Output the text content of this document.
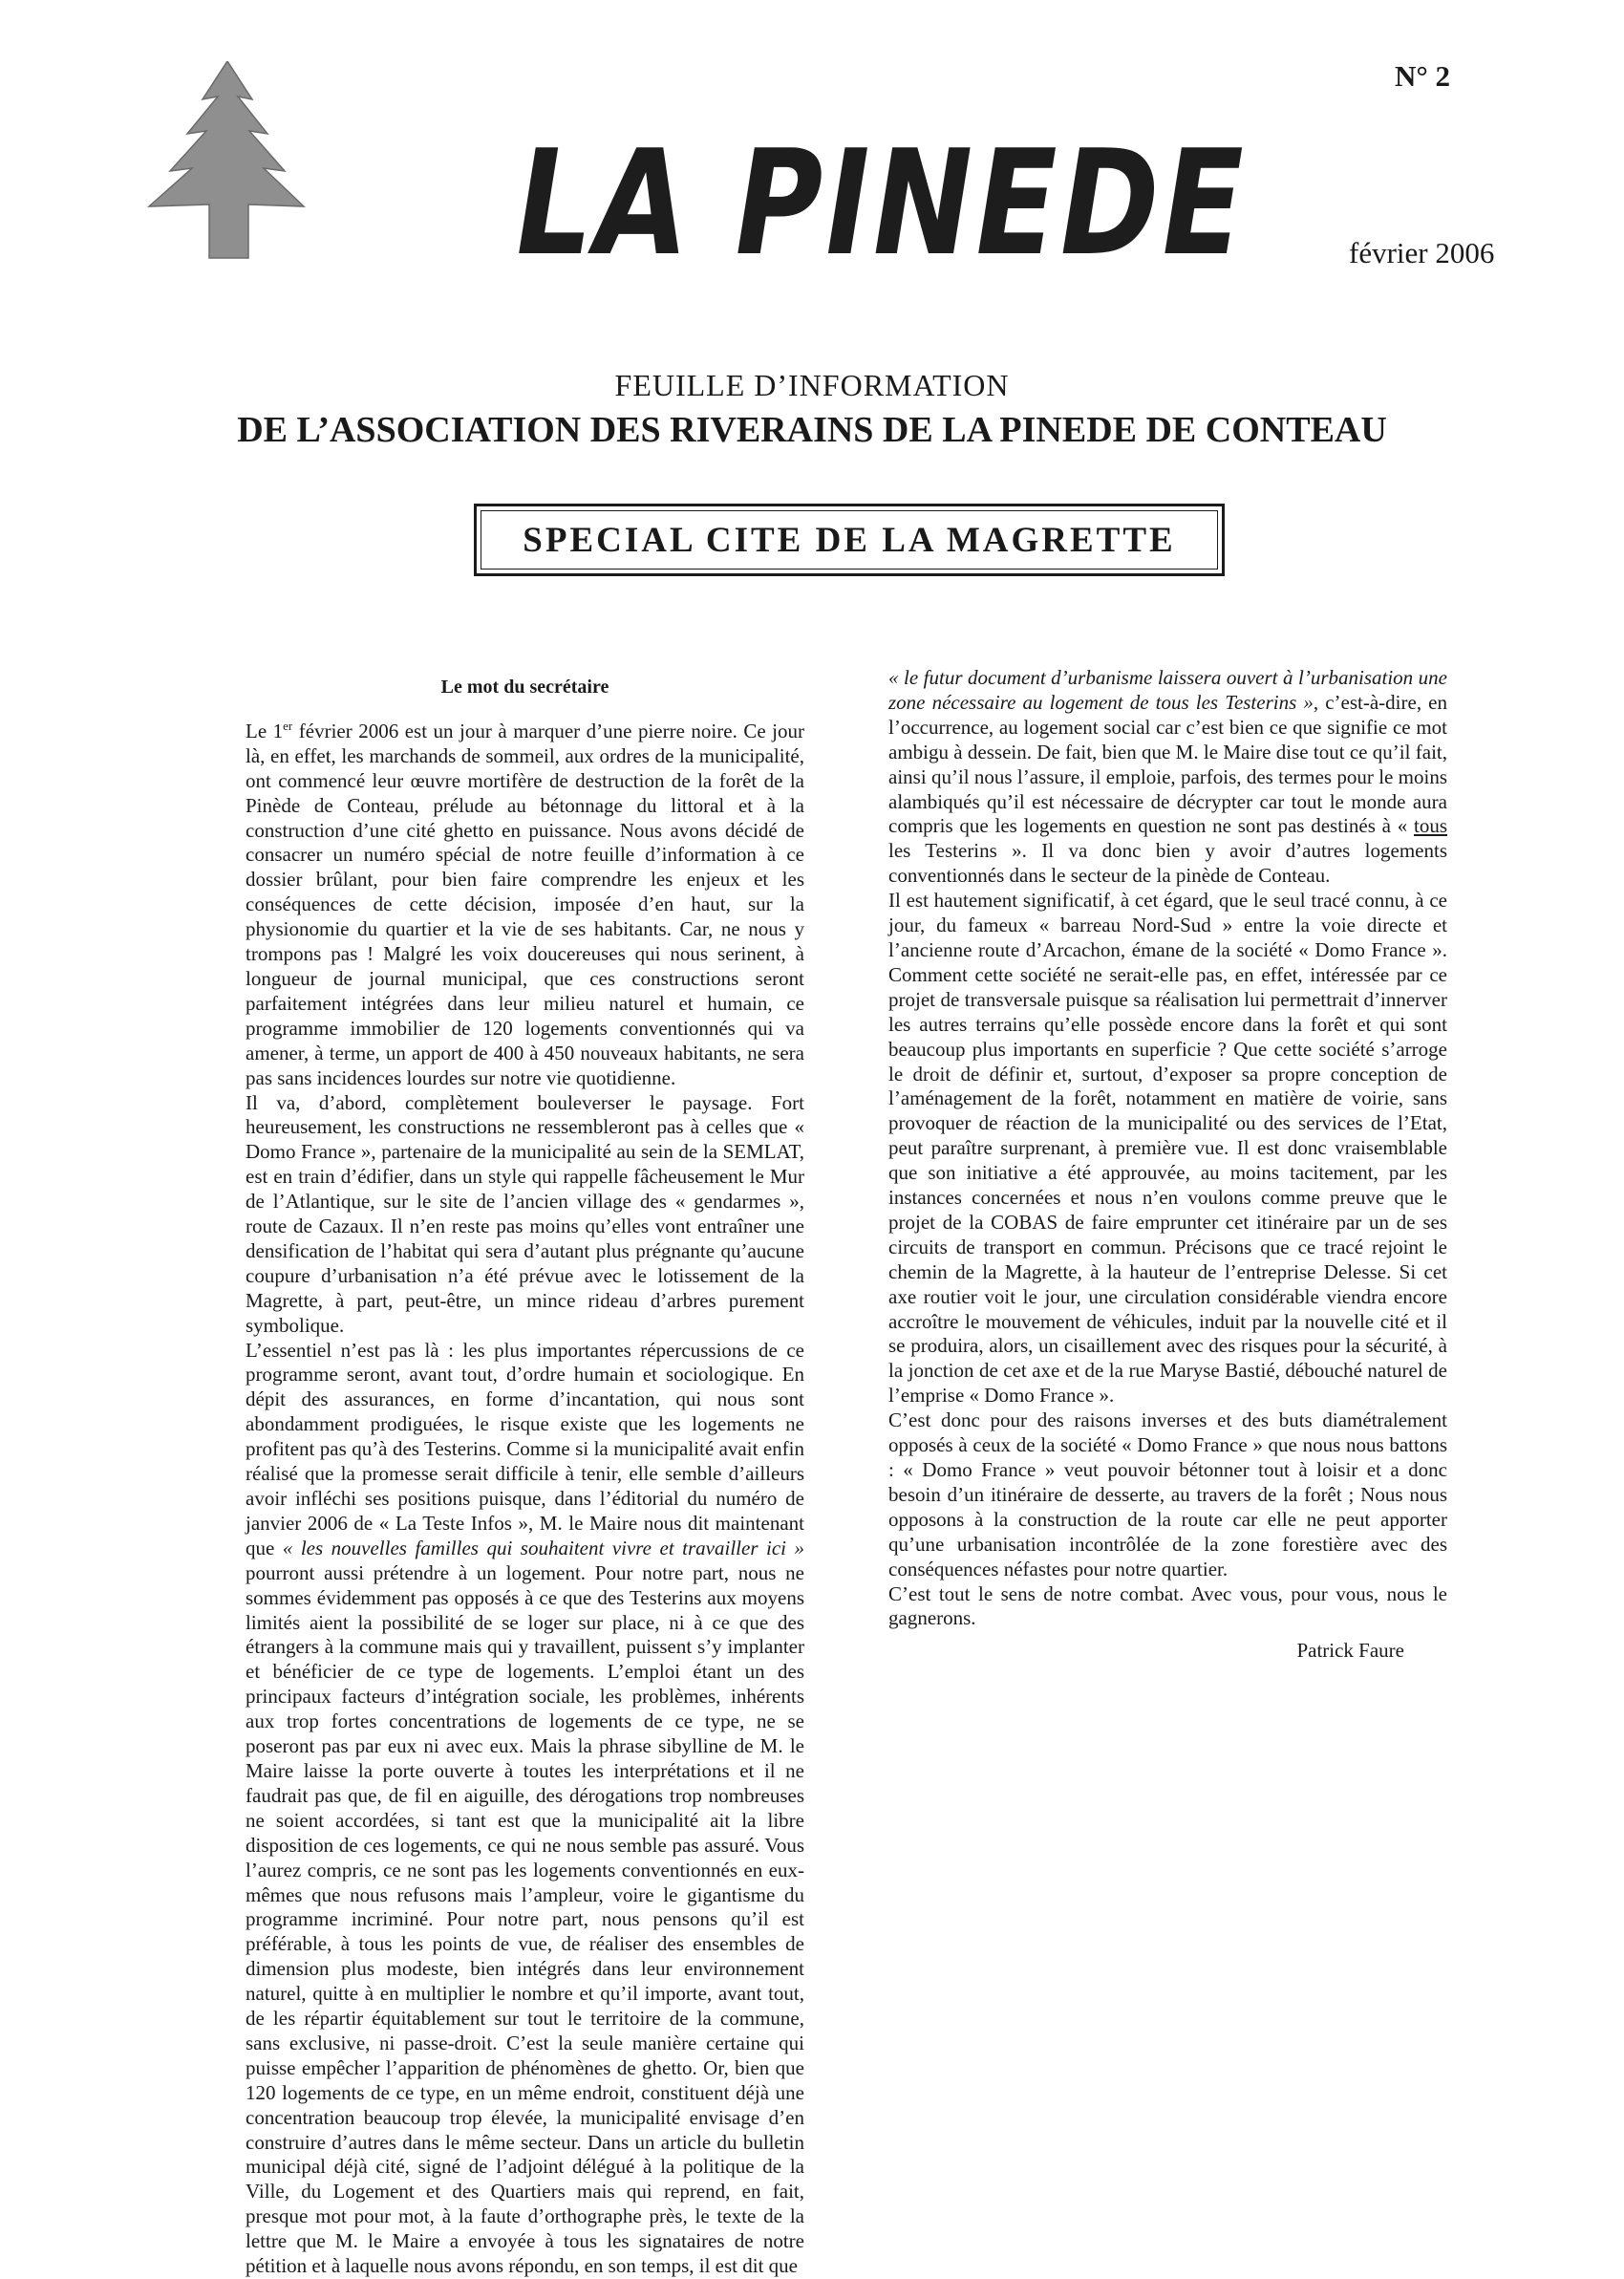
N° 2
LA PINEDE	février 2006
FEUILLE D’INFORMATION
DE L’ASSOCIATION DES RIVERAINS DE LA PINEDE DE CONTEAU
SPECIAL CITE DE LA MAGRETTE

Le mot du secrétaire

Le 1er février 2006 est un jour à marquer d’une pierre noire. Ce jour là, en effet, les marchands de sommeil, aux ordres de la municipalité, ont commencé leur œuvre mortifère de destruction de la forêt de la Pinède de Conteau, prélude au bétonnage du littoral et à la construction d’une cité ghetto en puissance. Nous avons décidé de consacrer un numéro spécial de notre feuille d’information à ce dossier brûlant, pour bien faire comprendre les enjeux et les conséquences de cette décision, imposée d’en haut, sur la physionomie du quartier et la vie de ses habitants. Car, ne nous y trompons pas ! Malgré les voix doucereuses qui nous serinent, à longueur de journal municipal, que ces constructions seront parfaitement intégrées dans leur milieu naturel et humain, ce programme immobilier de 120 logements conventionnés qui va amener, à terme, un apport de 400 à 450 nouveaux habitants, ne sera pas sans incidences lourdes sur notre vie quotidienne.

Il va, d’abord, complètement bouleverser le paysage. Fort heureusement, les constructions ne ressembleront pas à celles que « Domo France », partenaire de la municipalité au sein de la SEMLAT, est en train d’édifier, dans un style qui rappelle fâcheusement le Mur de l’Atlantique, sur le site de l’ancien village des « gendarmes », route de Cazaux. Il n’en reste pas moins qu’elles vont entraîner une densification de l’habitat qui sera d’autant plus prégnante qu’aucune coupure d’urbanisation n’a été prévue avec le lotissement de la Magrette, à part, peut-être, un mince rideau d’arbres purement symbolique.

L’essentiel n’est pas là : les plus importantes répercussions de ce programme seront, avant tout, d’ordre humain et sociologique. En dépit des assurances, en forme d’incantation, qui nous sont abondamment prodiguées, le risque existe que les logements ne profitent pas qu’à des Testerins. Comme si la municipalité avait enfin réalisé que la promesse serait difficile à tenir, elle semble d’ailleurs avoir infléchi ses positions puisque, dans l’éditorial du numéro de janvier 2006 de « La Teste Infos », M. le Maire nous dit maintenant que « les nouvelles familles qui souhaitent vivre et travailler ici » pourront aussi prétendre à un logement. Pour notre part, nous ne sommes évidemment pas opposés à ce que des Testerins aux moyens limités aient la possibilité de se loger sur place, ni à ce que des étrangers à la commune mais qui y travaillent, puissent s’y implanter et bénéficier de ce type de logements. L’emploi étant un des principaux facteurs d’intégration sociale, les problèmes, inhérents aux trop fortes concentrations de logements de ce type, ne se poseront pas par eux ni avec eux. Mais la phrase sibylline de M. le Maire laisse la porte ouverte à toutes les interprétations et il ne faudrait pas que, de fil en aiguille, des dérogations trop nombreuses ne soient accordées, si tant est que la municipalité ait la libre disposition de ces logements, ce qui ne nous semble pas assuré. Vous l’aurez compris, ce ne sont pas les logements conventionnés en eux-mêmes que nous refusons mais l’ampleur, voire le gigantisme du programme incriminé. Pour notre part, nous pensons qu’il est préférable, à tous les points de vue, de réaliser des ensembles de dimension plus modeste, bien intégrés dans leur environnement naturel, quitte à en multiplier le nombre et qu’il importe, avant tout, de les répartir équitablement sur tout le territoire de la commune, sans exclusive, ni passe-droit. C’est la seule manière certaine qui puisse empêcher l’apparition de phénomènes de ghetto. Or, bien que 120 logements de ce type, en un même endroit, constituent déjà une concentration beaucoup trop élevée, la municipalité envisage d’en construire d’autres dans le même secteur. Dans un article du bulletin municipal déjà cité, signé de l’adjoint délégué à la politique de la Ville, du Logement et des Quartiers mais qui reprend, en fait, presque mot pour mot, à la faute d’orthographe près, le texte de la lettre que M. le Maire a envoyée à tous les signataires de notre pétition et à laquelle nous avons répondu, en son temps, il est dit que

« le futur document d’urbanisme laissera ouvert à l’urbanisation une zone nécessaire au logement de tous les Testerins », c’est-à-dire, en l’occurrence, au logement social car c’est bien ce que signifie ce mot ambigu à dessein. De fait, bien que M. le Maire dise tout ce qu’il fait, ainsi qu’il nous l’assure, il emploie, parfois, des termes pour le moins alambiqués qu’il est nécessaire de décrypter car tout le monde aura compris que les logements en question ne sont pas destinés à « tous les Testerins ». Il va donc bien y avoir d’autres logements conventionnés dans le secteur de la pinède de Conteau.

Il est hautement significatif, à cet égard, que le seul tracé connu, à ce jour, du fameux « barreau Nord-Sud » entre la voie directe et l’ancienne route d’Arcachon, émane de la société « Domo France ». Comment cette société ne serait-elle pas, en effet, intéressée par ce projet de transversale puisque sa réalisation lui permettrait d’innerver les autres terrains qu’elle possède encore dans la forêt et qui sont beaucoup plus importants en superficie ? Que cette société s’arroge le droit de définir et, surtout, d’exposer sa propre conception de l’aménagement de la forêt, notamment en matière de voirie, sans provoquer de réaction de la municipalité ou des services de l’Etat, peut paraître surprenant, à première vue. Il est donc vraisemblable que son initiative a été approuvée, au moins tacitement, par les instances concernées et nous n’en voulons comme preuve que le projet de la COBAS de faire emprunter cet itinéraire par un de ses circuits de transport en commun. Précisons que ce tracé rejoint le chemin de la Magrette, à la hauteur de l’entreprise Delesse. Si cet axe routier voit le jour, une circulation considérable viendra encore accroître le mouvement de véhicules, induit par la nouvelle cité et il se produira, alors, un cisaillement avec des risques pour la sécurité, à la jonction de cet axe et de la rue Maryse Bastié, débouché naturel de l’emprise « Domo France ».

C’est donc pour des raisons inverses et des buts diamétralement opposés à ceux de la société « Domo France » que nous nous battons : « Domo France » veut pouvoir bétonner tout à loisir et a donc besoin d’un itinéraire de desserte, au travers de la forêt ; Nous nous opposons à la construction de la route car elle ne peut apporter qu’une urbanisation incontrôlée de la zone forestière avec des conséquences néfastes pour notre quartier.

C’est tout le sens de notre combat. Avec vous, pour vous, nous le gagnerons.

Patrick Faure
